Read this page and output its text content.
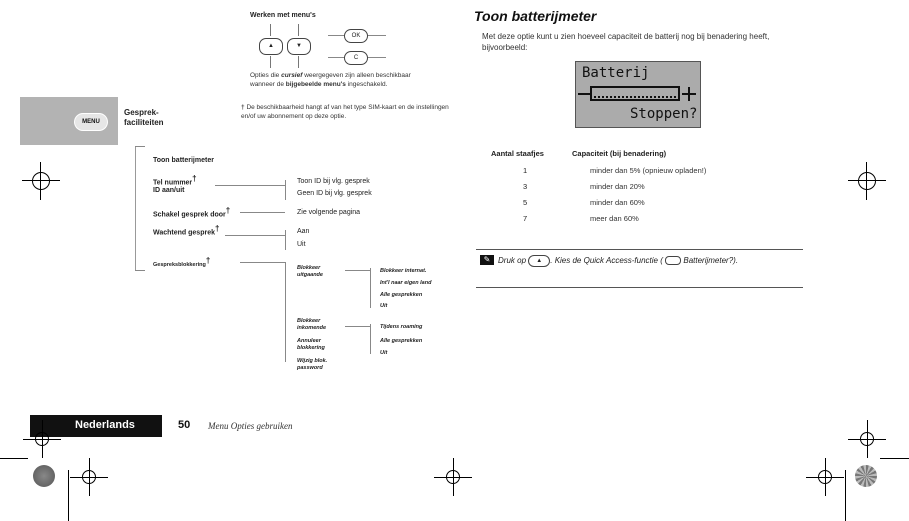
Werken met menu's
▲	▼
OK
C
Opties die cursief weergegeven zijn alleen beschikbaar wanneer de bijgebeelde menu's ingeschakeld.
† De beschikbaarheid hangt af van het type SIM-kaart en de instellingen en/of uw abonnement op deze optie.
MENU
Gesprek-
faciliteiten
Toon batterijmeter
Tel nummer†
ID aan/uit
Schakel gesprek door†
Wachtend gesprek†
Gespreksblokkering†
Toon ID bij vlg. gesprek
Geen ID bij vlg. gesprek
Zie volgende pagina
Aan
Uit
Blokkeer uitgaande
Blokkeer inkomende
Annuleer blokkering
Wijzig blok. password
Blokkeer internat.
Int'l naar eigen land
Alle gesprekken
Uit
Tijdens roaming
Alle gesprekken
Uit
Toon batterijmeter
Met deze optie kunt u zien hoeveel capaciteit de batterij nog bij benadering heeft, bijvoorbeeld:
Batterij
Stoppen?
Aantal staafjes	Capaciteit (bij benadering)
1	minder dan 5% (opnieuw opladen!)
3	minder dan 20%
5	minder dan 60%
7	meer dan 60%
✎ Druk op ▲ . Kies de Quick Access-functie (	Batterijmeter?).
Nederlands	50 Menu Opties gebruiken
